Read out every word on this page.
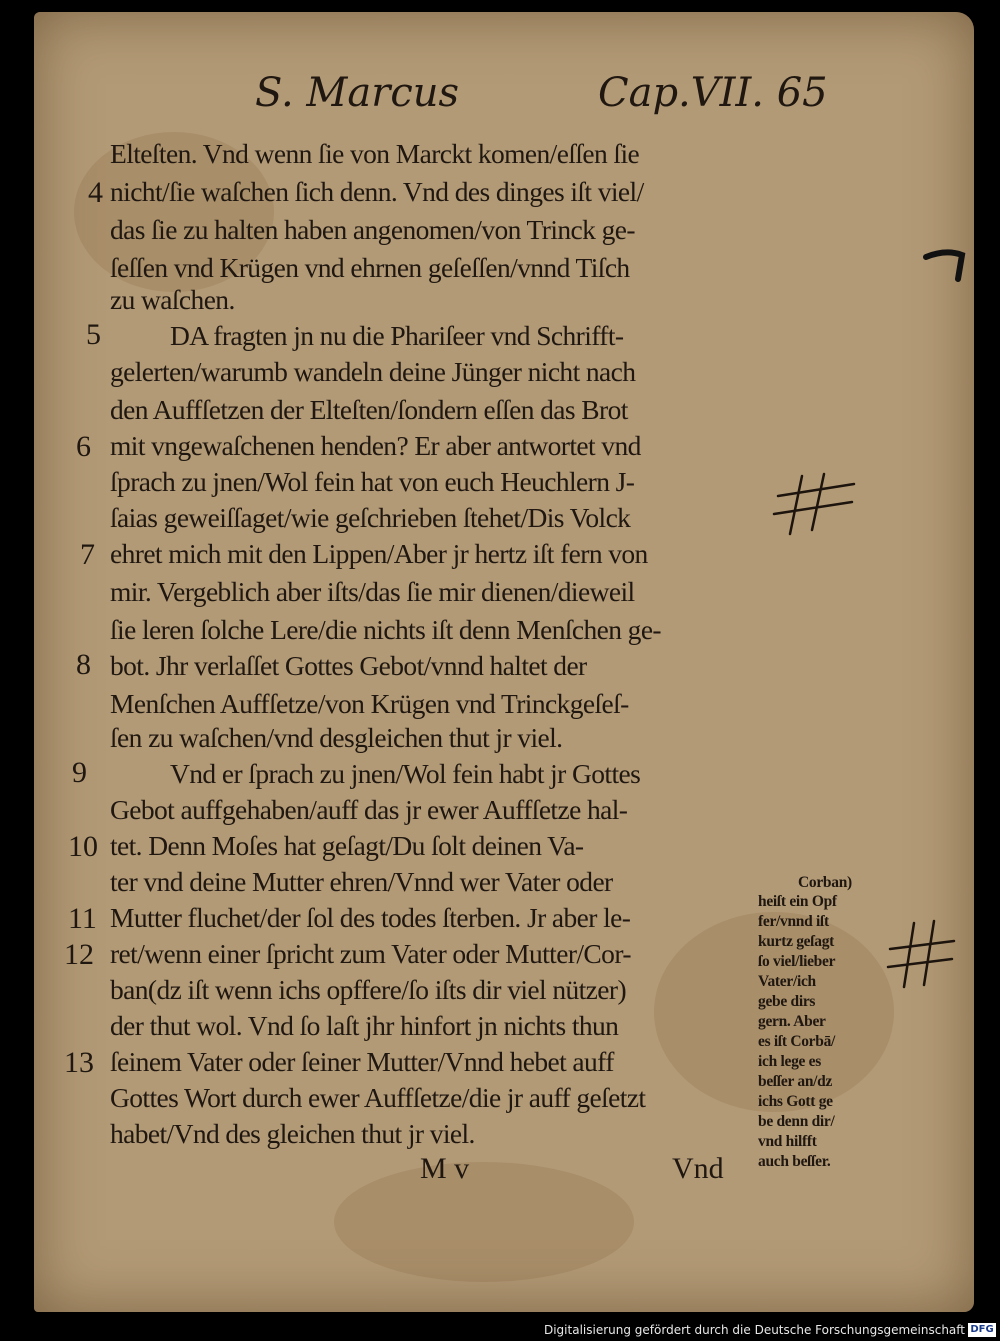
S. Marcus	Cap.VII. 65
Elteſten. Vnd wenn ſie von Marckt komen/eſſen ſie
nicht/ſie waſchen ſich denn. Vnd des dinges iſt viel/
das ſie zu halten haben angenomen/von Trinck ge-
ſeſſen vnd Krügen vnd ehrnen geſeſſen/vnnd Tiſch
zu waſchen.
DA fragten jn nu die Phariſeer vnd Schrifft-
gelerten/warumb wandeln deine Jünger nicht nach
den Auffſetzen der Elteſten/ſondern eſſen das Brot
mit vngewaſchenen henden? Er aber antwortet vnd
ſprach zu jnen/Wol fein hat von euch Heuchlern J-
ſaias geweiſſaget/wie geſchrieben ſtehet/Dis Volck
ehret mich mit den Lippen/Aber jr hertz iſt fern von
mir. Vergeblich aber iſts/das ſie mir dienen/dieweil
ſie leren ſolche Lere/die nichts iſt denn Menſchen ge-
bot. Jhr verlaſſet Gottes Gebot/vnnd haltet der
Menſchen Auffſetze/von Krügen vnd Trinckgeſeſ-
ſen zu waſchen/vnd desgleichen thut jr viel.
Vnd er ſprach zu jnen/Wol fein habt jr Gottes
Gebot auffgehaben/auff das jr ewer Auffſetze hal-
tet. Denn Moſes hat geſagt/Du ſolt deinen Va-
ter vnd deine Mutter ehren/Vnnd wer Vater oder
Mutter fluchet/der ſol des todes ſterben. Jr aber le-
ret/wenn einer ſpricht zum Vater oder Mutter/Cor-
ban(dz iſt wenn ichs opffere/ſo iſts dir viel nützer)
der thut wol. Vnd ſo laſt jhr hinfort jn nichts thun
ſeinem Vater oder ſeiner Mutter/Vnnd hebet auff
Gottes Wort durch ewer Auffſetze/die jr auff geſetzt
habet/Vnd des gleichen thut jr viel.
4
5
6
7
8
9
10
11
12
13
Corban)
heiſt ein Opf
fer/vnnd iſt
kurtz geſagt
ſo viel/lieber
Vater/ich
gebe dirs
gern. Aber
es iſt Corbā/
ich lege es
beſſer an/dz
ichs Gott ge
be denn dir/
vnd hilfft
auch beſſer.
M v	Vnd
Digitalisierung gefördert durch die Deutsche Forschungsgemeinschaft DFG
